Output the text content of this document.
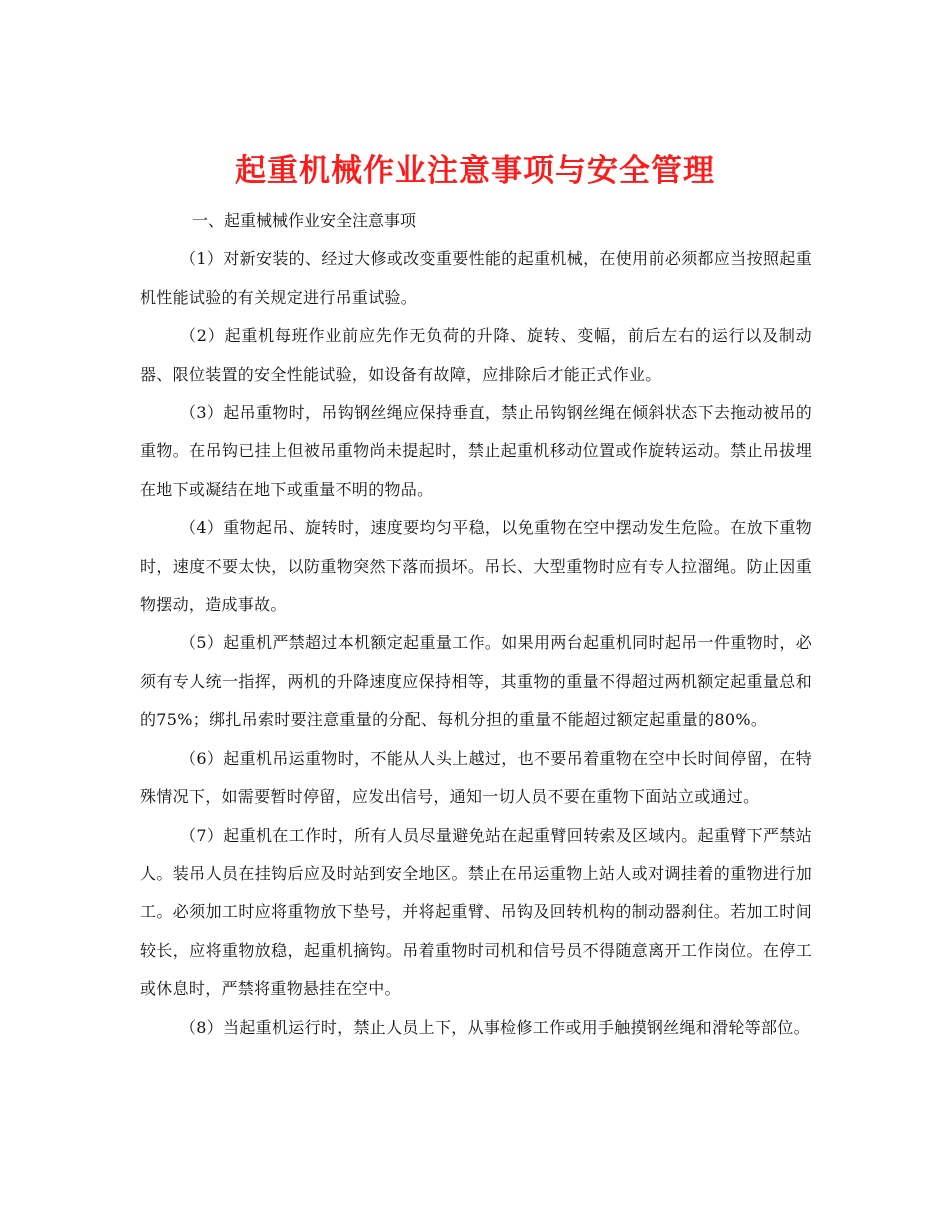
起重机械作业注意事项与安全管理

一、起重械械作业安全注意事项

（1）对新安装的、经过大修或改变重要性能的起重机械，在使用前必须都应当按照起重机性能试验的有关规定进行吊重试验。

（2）起重机每班作业前应先作无负荷的升降、旋转、变幅，前后左右的运行以及制动器、限位装置的安全性能试验，如设备有故障，应排除后才能正式作业。

（3）起吊重物时，吊钩钢丝绳应保持垂直，禁止吊钩钢丝绳在倾斜状态下去拖动被吊的重物。在吊钩已挂上但被吊重物尚未提起时，禁止起重机移动位置或作旋转运动。禁止吊拔埋在地下或凝结在地下或重量不明的物品。

（4）重物起吊、旋转时，速度要均匀平稳，以免重物在空中摆动发生危险。在放下重物时，速度不要太快，以防重物突然下落而损坏。吊长、大型重物时应有专人拉溜绳。防止因重物摆动，造成事故。

（5）起重机严禁超过本机额定起重量工作。如果用两台起重机同时起吊一件重物时，必须有专人统一指挥，两机的升降速度应保持相等，其重物的重量不得超过两机额定起重量总和的75%；绑扎吊索时要注意重量的分配、每机分担的重量不能超过额定起重量的80%。

（6）起重机吊运重物时，不能从人头上越过，也不要吊着重物在空中长时间停留，在特殊情况下，如需要暂时停留，应发出信号，通知一切人员不要在重物下面站立或通过。

（7）起重机在工作时，所有人员尽量避免站在起重臂回转索及区域内。起重臂下严禁站人。装吊人员在挂钩后应及时站到安全地区。禁止在吊运重物上站人或对调挂着的重物进行加工。必须加工时应将重物放下垫号，并将起重臂、吊钩及回转机构的制动器刹住。若加工时间较长，应将重物放稳，起重机摘钩。吊着重物时司机和信号员不得随意离开工作岗位。在停工或休息时，严禁将重物悬挂在空中。

（8）当起重机运行时，禁止人员上下，从事检修工作或用手触摸钢丝绳和滑轮等部位。
